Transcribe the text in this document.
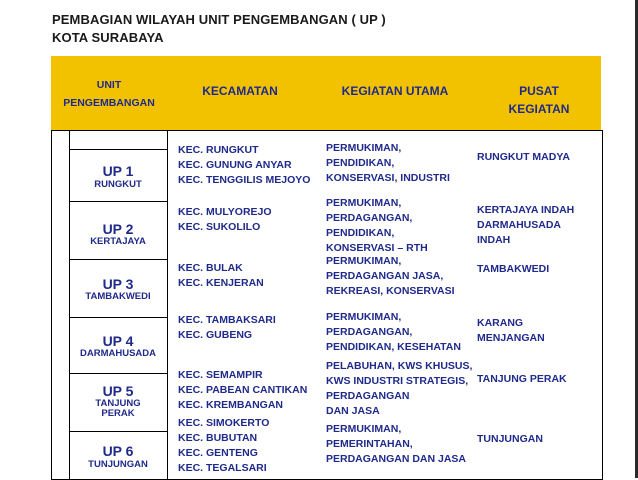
PEMBAGIAN WILAYAH UNIT PENGEMBANGAN ( UP )
KOTA SURABAYA
UNIT
PENGEMBANGAN
KECAMATAN	KEGIATAN UTAMA	PUSAT
KEGIATAN
UP 1
RUNGKUT
UP 2
KERTAJAYA
UP 3
TAMBAKWEDI
UP 4
DARMAHUSADA
UP 5
TANJUNG
PERAK
UP 6
TUNJUNGAN
KEC. RUNGKUT
KEC. GUNUNG ANYAR
KEC. TENGGILIS MEJOYO
KEC. MULYOREJO
KEC. SUKOLILO
KEC. BULAK
KEC. KENJERAN
KEC. TAMBAKSARI
KEC. GUBENG
KEC. SEMAMPIR
KEC. PABEAN CANTIKAN
KEC. KREMBANGAN
KEC. SIMOKERTO
KEC. BUBUTAN
KEC. GENTENG
KEC. TEGALSARI
PERMUKIMAN,
PENDIDIKAN,
KONSERVASI, INDUSTRI
PERMUKIMAN,
PERDAGANGAN,
PENDIDIKAN,
KONSERVASI – RTH
PERMUKIMAN,
PERDAGANGAN JASA,
REKREASI, KONSERVASI
PERMUKIMAN,
PERDAGANGAN,
PENDIDIKAN, KESEHATAN
PELABUHAN, KWS KHUSUS,
KWS INDUSTRI STRATEGIS,
PERDAGANGAN
DAN JASA
PERMUKIMAN,
PEMERINTAHAN,
PERDAGANGAN DAN JASA
RUNGKUT MADYA
KERTAJAYA INDAH
DARMAHUSADA
INDAH
TAMBAKWEDI
KARANG
MENJANGAN
TANJUNG PERAK
TUNJUNGAN
